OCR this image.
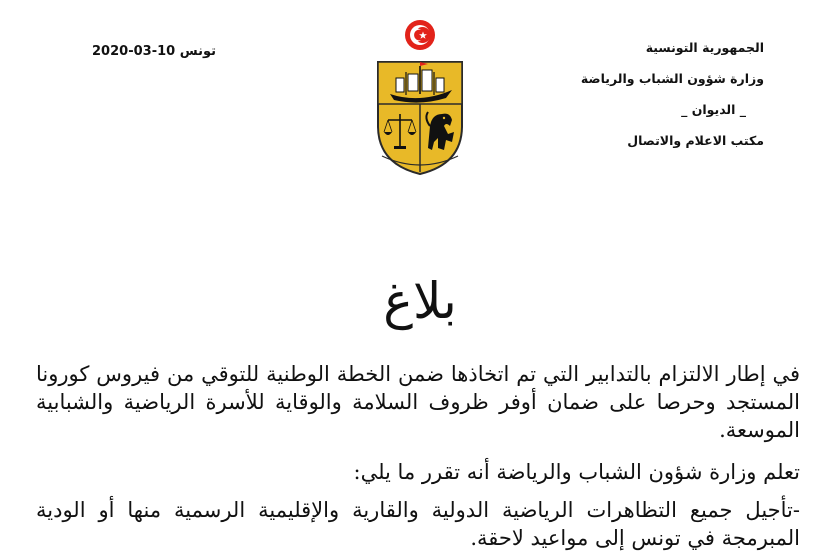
تونس 10-03-2020	الجمهورية التونسية
وزارة شؤون الشباب والرياضة
_ الديوان _
مكتب الاعلام والاتصال
بلاغ

في إطار الالتزام بالتدابير التي تم اتخاذها ضمن الخطة الوطنية للتوقي من فيروس كورونا المستجد وحرصا على ضمان أوفر ظروف السلامة والوقاية للأسرة الرياضية والشبابية الموسعة.

تعلم وزارة شؤون الشباب والرياضة أنه تقرر ما يلي:

-تأجيل جميع التظاهرات الرياضية الدولية والقارية والإقليمية الرسمية منها أو الودية المبرمجة في تونس إلى مواعيد لاحقة.
